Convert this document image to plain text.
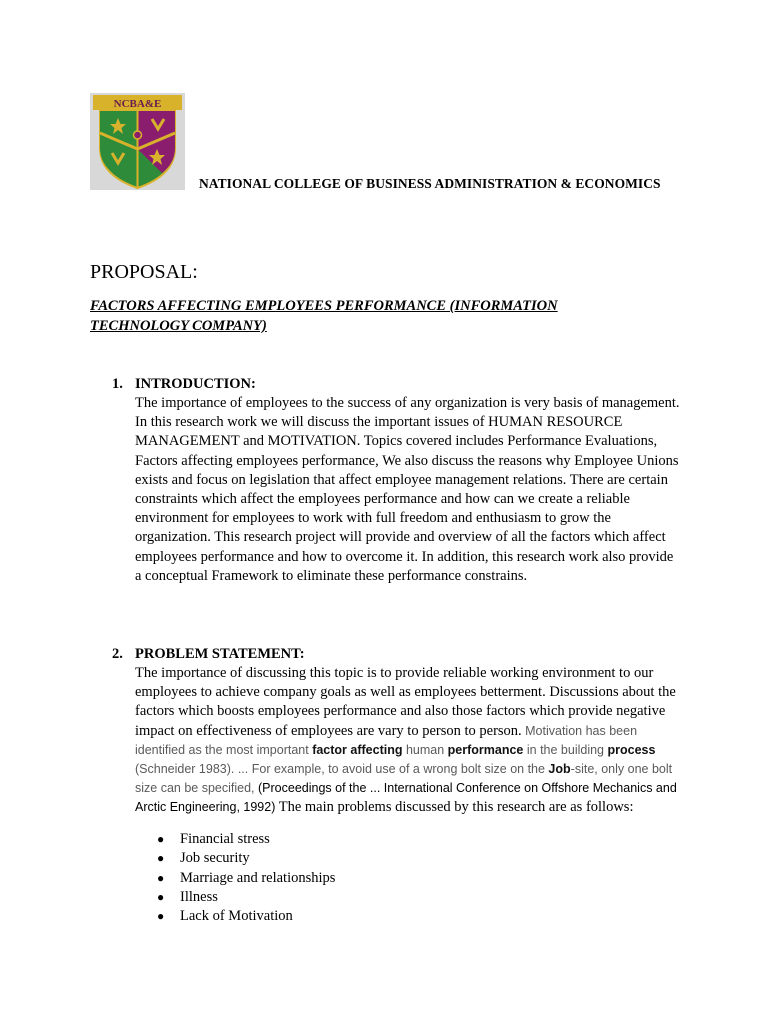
NCBA&E
NATIONAL COLLEGE OF BUSINESS ADMINISTRATION & ECONOMICS
PROPOSAL:
FACTORS AFFECTING EMPLOYEES PERFORMANCE (INFORMATION TECHNOLOGY COMPANY)
1. INTRODUCTION:
The importance of employees to the success of any organization is very basis of management. In this research work we will discuss the important issues of HUMAN RESOURCE MANAGEMENT and MOTIVATION. Topics covered includes Performance Evaluations, Factors affecting employees performance, We also discuss the reasons why Employee Unions exists and focus on legislation that affect employee management relations. There are certain constraints which affect the employees performance and how can we create a reliable environment for employees to work with full freedom and enthusiasm to grow the organization. This research project will provide and overview of all the factors which affect employees performance and how to overcome it. In addition, this research work also provide a conceptual Framework to eliminate these performance constrains.
2. PROBLEM STATEMENT:
The importance of discussing this topic is to provide reliable working environment to our employees to achieve company goals as well as employees betterment. Discussions about the factors which boosts employees performance and also those factors which provide negative impact on effectiveness of employees are vary to person to person. Motivation has been identified as the most important factor affecting human performance in the building process (Schneider 1983). ... For example, to avoid use of a wrong bolt size on the Job-site, only one bolt size can be specified, (Proceedings of the ... International Conference on Offshore Mechanics and Arctic Engineering, 1992) The main problems discussed by this research are as follows:
● Financial stress
● Job security
● Marriage and relationships
● Illness
● Lack of Motivation
